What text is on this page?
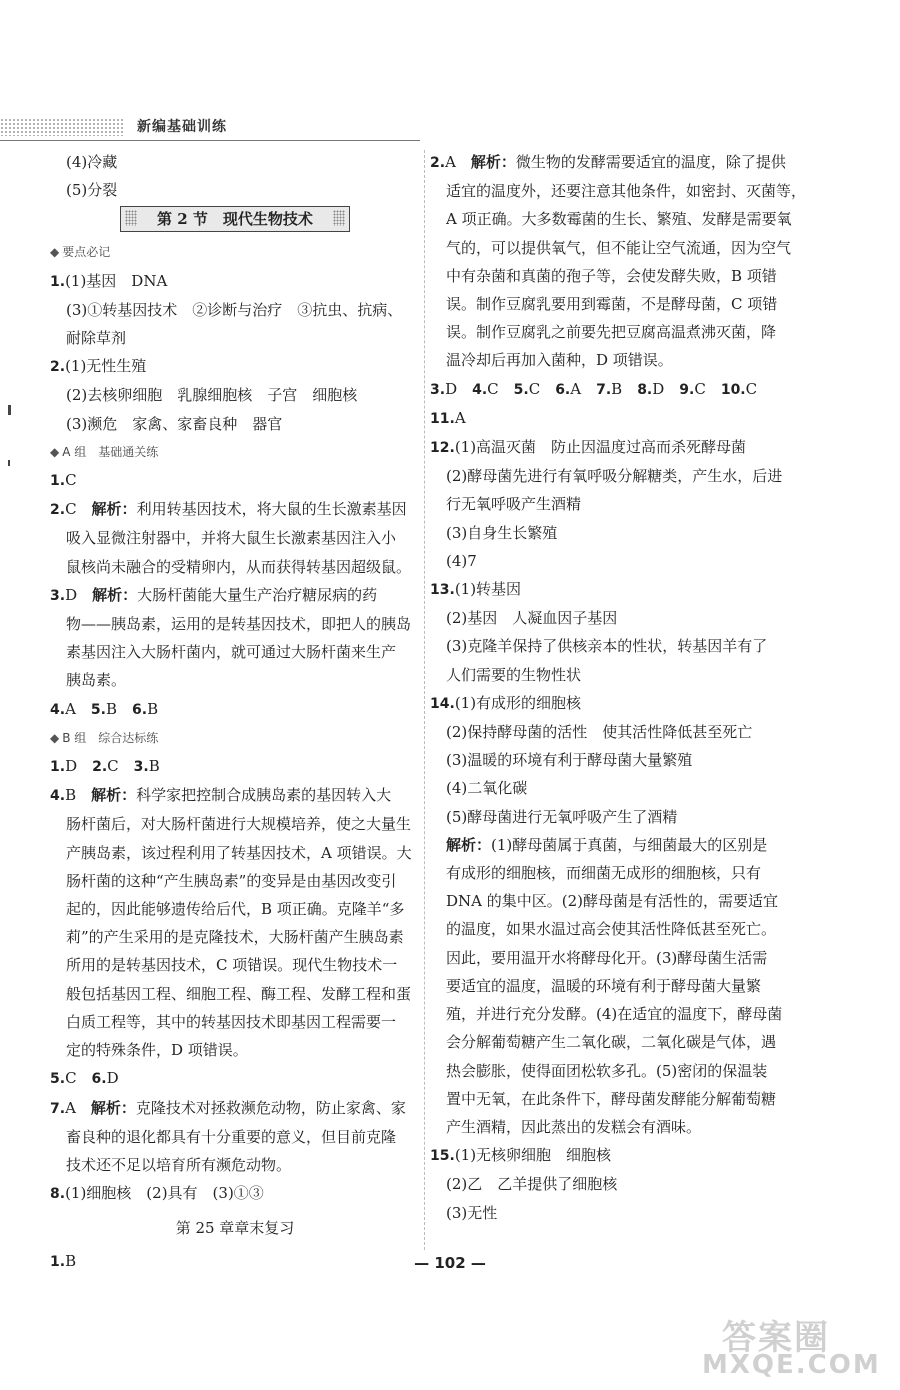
新编基础训练
(4)冷藏
(5)分裂
第 2 节　现代生物技术
◆ 要点必记
1.(1)基因　DNA
(3)①转基因技术　②诊断与治疗　③抗虫、抗病、
耐除草剂
2.(1)无性生殖
(2)去核卵细胞　乳腺细胞核　子宫　细胞核
(3)濒危　家禽、家畜良种　器官
◆ A 组　基础通关练
1.C
2.C　解析：利用转基因技术，将大鼠的生长激素基因
吸入显微注射器中，并将大鼠生长激素基因注入小
鼠核尚未融合的受精卵内，从而获得转基因超级鼠。
3.D　解析：大肠杆菌能大量生产治疗糖尿病的药
物——胰岛素，运用的是转基因技术，即把人的胰岛
素基因注入大肠杆菌内，就可通过大肠杆菌来生产
胰岛素。
4.A　5.B　6.B
◆ B 组　综合达标练
1.D　2.C　3.B
4.B　解析：科学家把控制合成胰岛素的基因转入大
肠杆菌后，对大肠杆菌进行大规模培养，使之大量生
产胰岛素，该过程利用了转基因技术，A 项错误。大
肠杆菌的这种“产生胰岛素”的变异是由基因改变引
起的，因此能够遗传给后代，B 项正确。克隆羊“多
莉”的产生采用的是克隆技术，大肠杆菌产生胰岛素
所用的是转基因技术，C 项错误。现代生物技术一
般包括基因工程、细胞工程、酶工程、发酵工程和蛋
白质工程等，其中的转基因技术即基因工程需要一
定的特殊条件，D 项错误。
5.C　6.D
7.A　解析：克隆技术对拯救濒危动物，防止家禽、家
畜良种的退化都具有十分重要的意义，但目前克隆
技术还不足以培育所有濒危动物。
8.(1)细胞核　(2)具有　(3)①③
第 25 章章末复习
1.B
2.A　解析：微生物的发酵需要适宜的温度，除了提供
适宜的温度外，还要注意其他条件，如密封、灭菌等，
A 项正确。大多数霉菌的生长、繁殖、发酵是需要氧
气的，可以提供氧气，但不能让空气流通，因为空气
中有杂菌和真菌的孢子等，会使发酵失败，B 项错
误。制作豆腐乳要用到霉菌，不是酵母菌，C 项错
误。制作豆腐乳之前要先把豆腐高温煮沸灭菌，降
温冷却后再加入菌种，D 项错误。
3.D　4.C　5.C　6.A　7.B　8.D　9.C　10.C
11.A
12.(1)高温灭菌　防止因温度过高而杀死酵母菌
(2)酵母菌先进行有氧呼吸分解糖类，产生水，后进
行无氧呼吸产生酒精
(3)自身生长繁殖
(4)7
13.(1)转基因
(2)基因　人凝血因子基因
(3)克隆羊保持了供核亲本的性状，转基因羊有了
人们需要的生物性状
14.(1)有成形的细胞核
(2)保持酵母菌的活性　使其活性降低甚至死亡
(3)温暖的环境有利于酵母菌大量繁殖
(4)二氧化碳
(5)酵母菌进行无氧呼吸产生了酒精
解析：(1)酵母菌属于真菌，与细菌最大的区别是
有成形的细胞核，而细菌无成形的细胞核，只有
DNA 的集中区。(2)酵母菌是有活性的，需要适宜
的温度，如果水温过高会使其活性降低甚至死亡。
因此，要用温开水将酵母化开。(3)酵母菌生活需
要适宜的温度，温暖的环境有利于酵母菌大量繁
殖，并进行充分发酵。(4)在适宜的温度下，酵母菌
会分解葡萄糖产生二氧化碳，二氧化碳是气体，遇
热会膨胀，使得面团松软多孔。(5)密闭的保温装
置中无氧，在此条件下，酵母菌发酵能分解葡萄糖
产生酒精，因此蒸出的发糕会有酒味。
15.(1)无核卵细胞　细胞核
(2)乙　乙羊提供了细胞核
(3)无性
— 102 —
答案圈
MXQE.COM
